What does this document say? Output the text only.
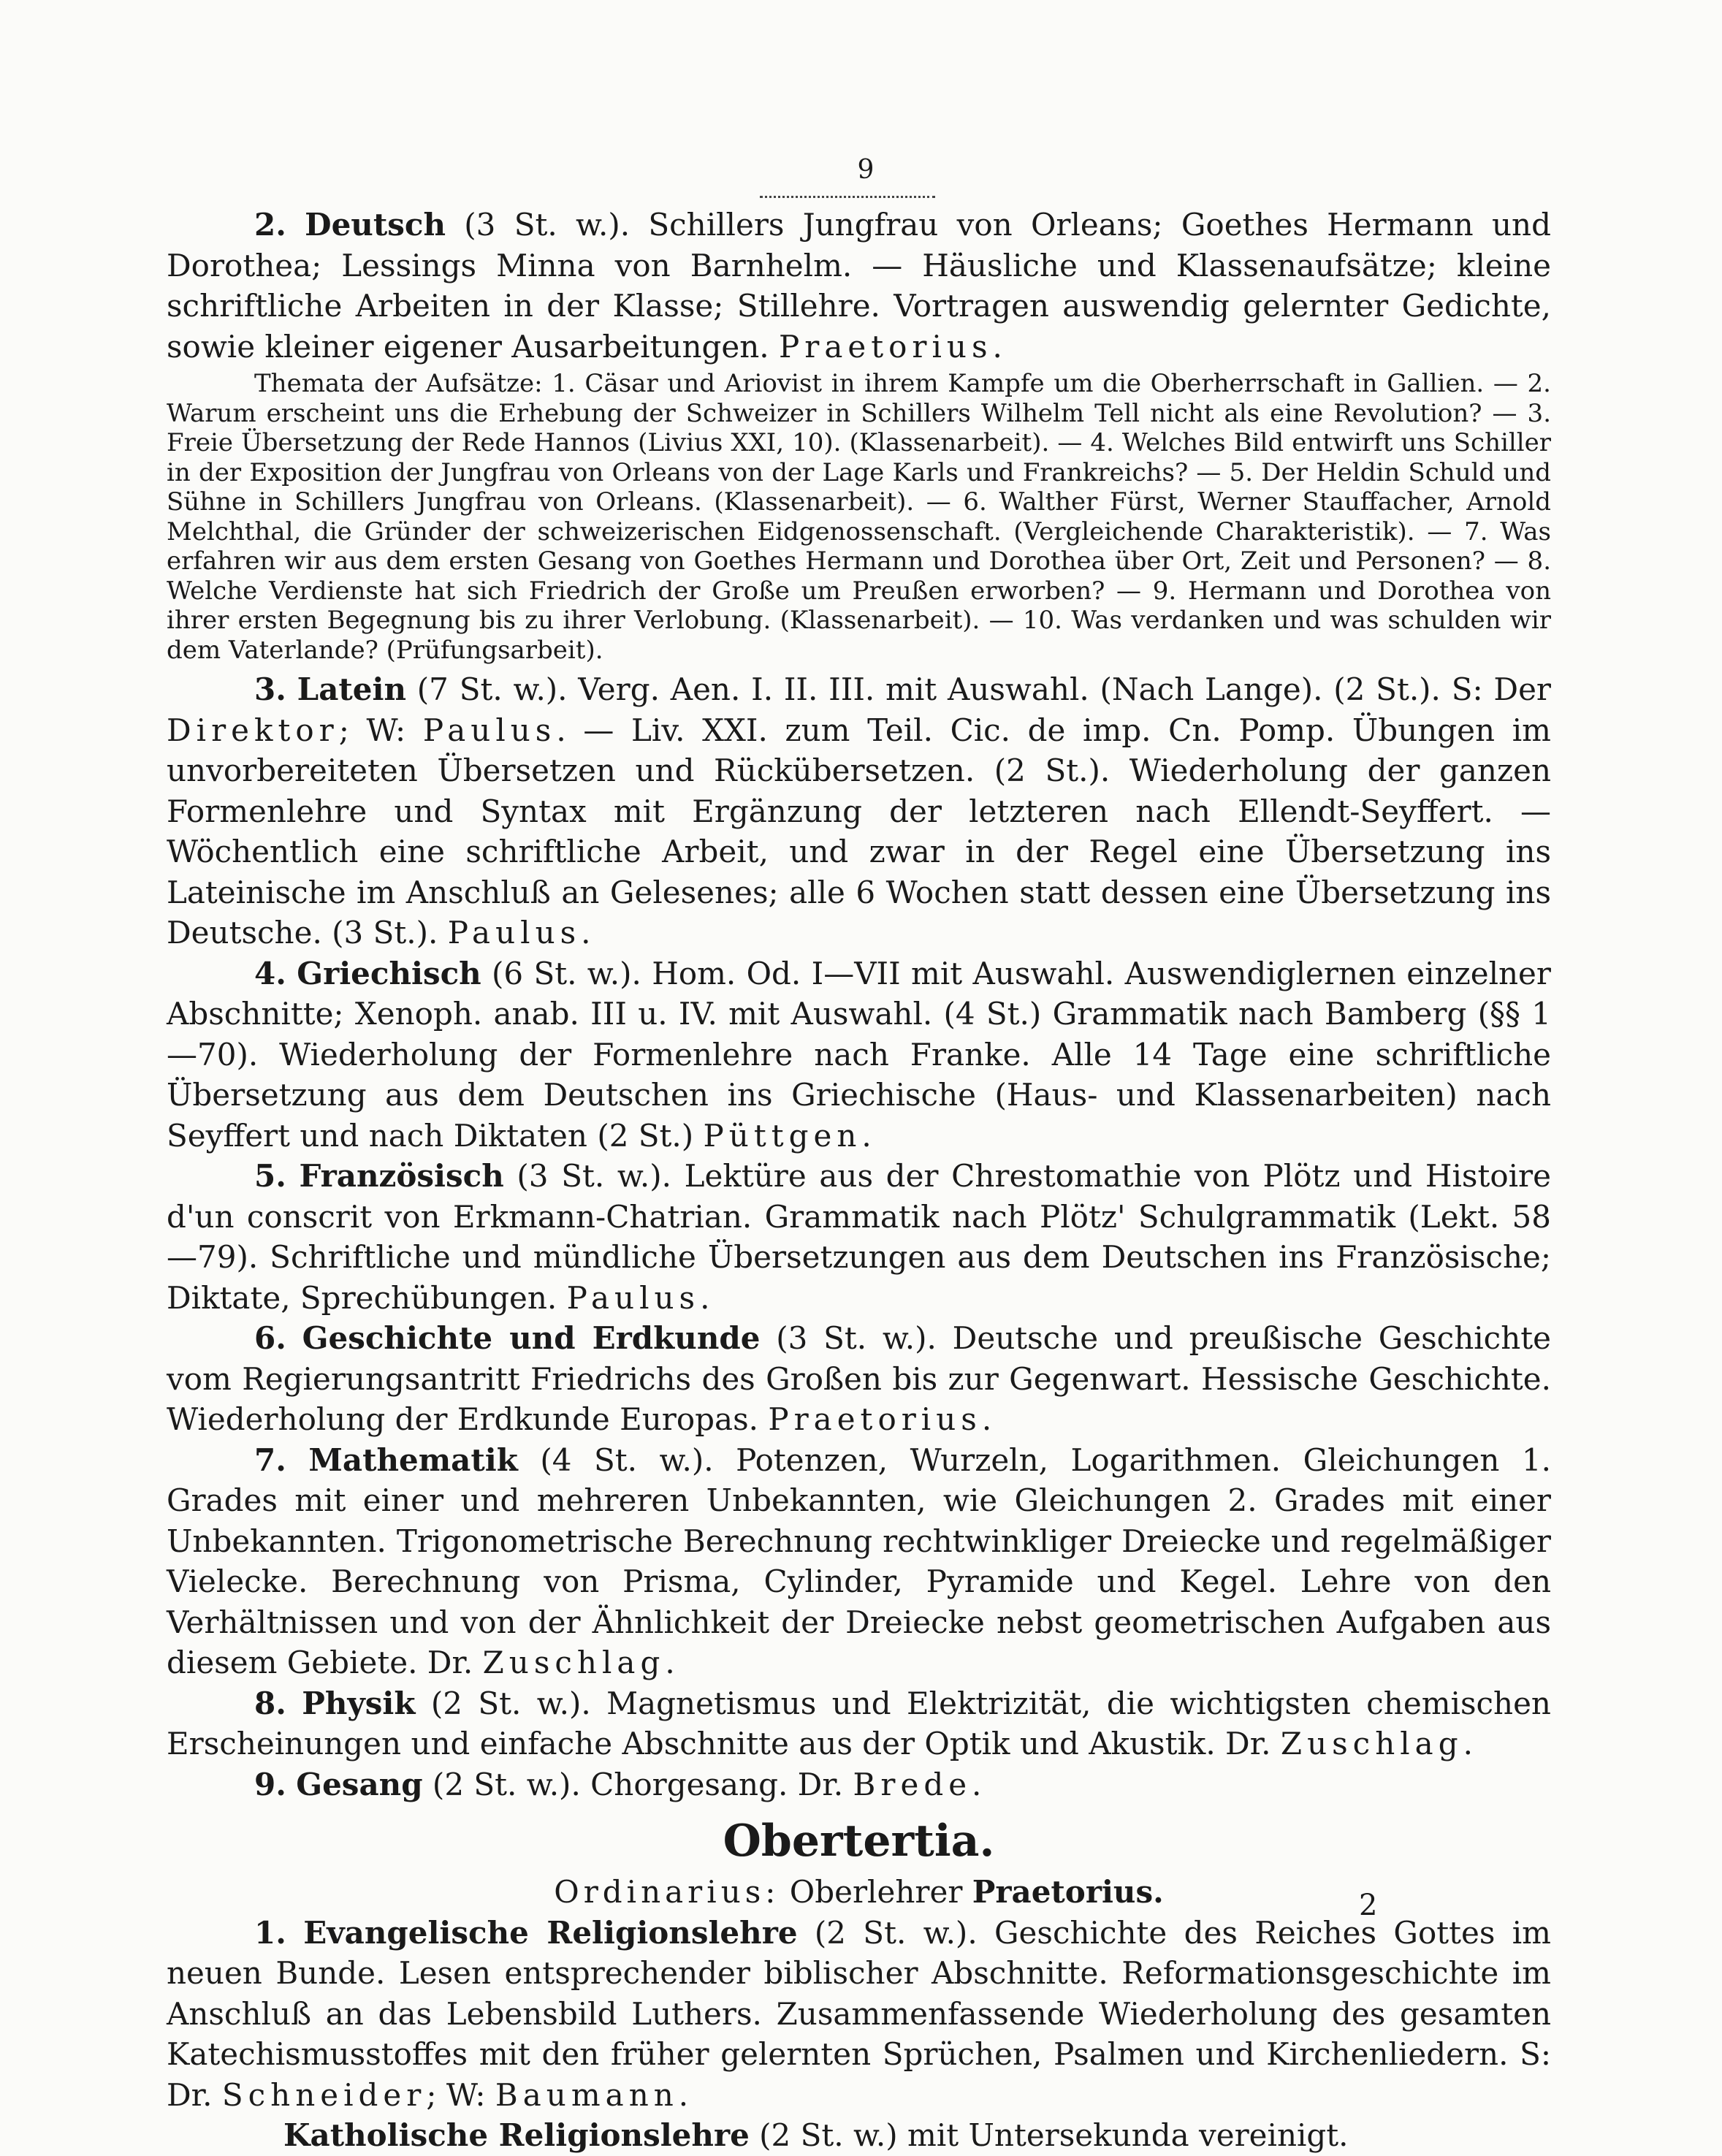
9

2. Deutsch (3 St. w.). Schillers Jungfrau von Orleans; Goethes Hermann und Dorothea; Lessings Minna von Barnhelm. — Häusliche und Klassenaufsätze; kleine schriftliche Arbeiten in der Klasse; Stillehre. Vortragen auswendig gelernter Gedichte, sowie kleiner eigener Ausarbeitungen. Praetorius.

Themata der Aufsätze: 1. Cäsar und Ariovist in ihrem Kampfe um die Oberherrschaft in Gallien. — 2. Warum erscheint uns die Erhebung der Schweizer in Schillers Wilhelm Tell nicht als eine Revolution? — 3. Freie Übersetzung der Rede Hannos (Livius XXI, 10). (Klassenarbeit). — 4. Welches Bild entwirft uns Schiller in der Exposition der Jungfrau von Orleans von der Lage Karls und Frankreichs? — 5. Der Heldin Schuld und Sühne in Schillers Jungfrau von Orleans. (Klassenarbeit). — 6. Walther Fürst, Werner Stauffacher, Arnold Melchthal, die Gründer der schweizerischen Eidgenossenschaft. (Vergleichende Charakteristik). — 7. Was erfahren wir aus dem ersten Gesang von Goethes Hermann und Dorothea über Ort, Zeit und Personen? — 8. Welche Verdienste hat sich Friedrich der Große um Preußen erworben? — 9. Hermann und Dorothea von ihrer ersten Begegnung bis zu ihrer Verlobung. (Klassenarbeit). — 10. Was verdanken und was schulden wir dem Vaterlande? (Prüfungsarbeit).

3. Latein (7 St. w.). Verg. Aen. I. II. III. mit Auswahl. (Nach Lange). (2 St.). S: Der Direktor; W: Paulus. — Liv. XXI. zum Teil. Cic. de imp. Cn. Pomp. Übungen im unvorbereiteten Übersetzen und Rückübersetzen. (2 St.). Wiederholung der ganzen Formenlehre und Syntax mit Ergänzung der letzteren nach Ellendt-Seyffert. — Wöchentlich eine schriftliche Arbeit, und zwar in der Regel eine Übersetzung ins Lateinische im Anschluß an Gelesenes; alle 6 Wochen statt dessen eine Übersetzung ins Deutsche. (3 St.). Paulus.

4. Griechisch (6 St. w.). Hom. Od. I—VII mit Auswahl. Auswendiglernen einzelner Abschnitte; Xenoph. anab. III u. IV. mit Auswahl. (4 St.) Grammatik nach Bamberg (§§ 1—70). Wiederholung der Formenlehre nach Franke. Alle 14 Tage eine schriftliche Übersetzung aus dem Deutschen ins Griechische (Haus- und Klassenarbeiten) nach Seyffert und nach Diktaten (2 St.) Püttgen.

5. Französisch (3 St. w.). Lektüre aus der Chrestomathie von Plötz und Histoire d'un conscrit von Erkmann-Chatrian. Grammatik nach Plötz' Schulgrammatik (Lekt. 58—79). Schriftliche und mündliche Übersetzungen aus dem Deutschen ins Französische; Diktate, Sprechübungen. Paulus.

6. Geschichte und Erdkunde (3 St. w.). Deutsche und preußische Geschichte vom Regierungsantritt Friedrichs des Großen bis zur Gegenwart. Hessische Geschichte. Wiederholung der Erdkunde Europas. Praetorius.

7. Mathematik (4 St. w.). Potenzen, Wurzeln, Logarithmen. Gleichungen 1. Grades mit einer und mehreren Unbekannten, wie Gleichungen 2. Grades mit einer Unbekannten. Trigonometrische Berechnung rechtwinkliger Dreiecke und regelmäßiger Vielecke. Berechnung von Prisma, Cylinder, Pyramide und Kegel. Lehre von den Verhältnissen und von der Ähnlichkeit der Dreiecke nebst geometrischen Aufgaben aus diesem Gebiete. Dr. Zuschlag.

8. Physik (2 St. w.). Magnetismus und Elektrizität, die wichtigsten chemischen Erscheinungen und einfache Abschnitte aus der Optik und Akustik. Dr. Zuschlag.

9. Gesang (2 St. w.). Chorgesang. Dr. Brede.

Obertertia.

Ordinarius: Oberlehrer Praetorius.

1. Evangelische Religionslehre (2 St. w.). Geschichte des Reiches Gottes im neuen Bunde. Lesen entsprechender biblischer Abschnitte. Reformationsgeschichte im Anschluß an das Lebensbild Luthers. Zusammenfassende Wiederholung des gesamten Katechismusstoffes mit den früher gelernten Sprüchen, Psalmen und Kirchenliedern. S: Dr. Schneider; W: Baumann.

Katholische Religionslehre (2 St. w.) mit Untersekunda vereinigt.

2
